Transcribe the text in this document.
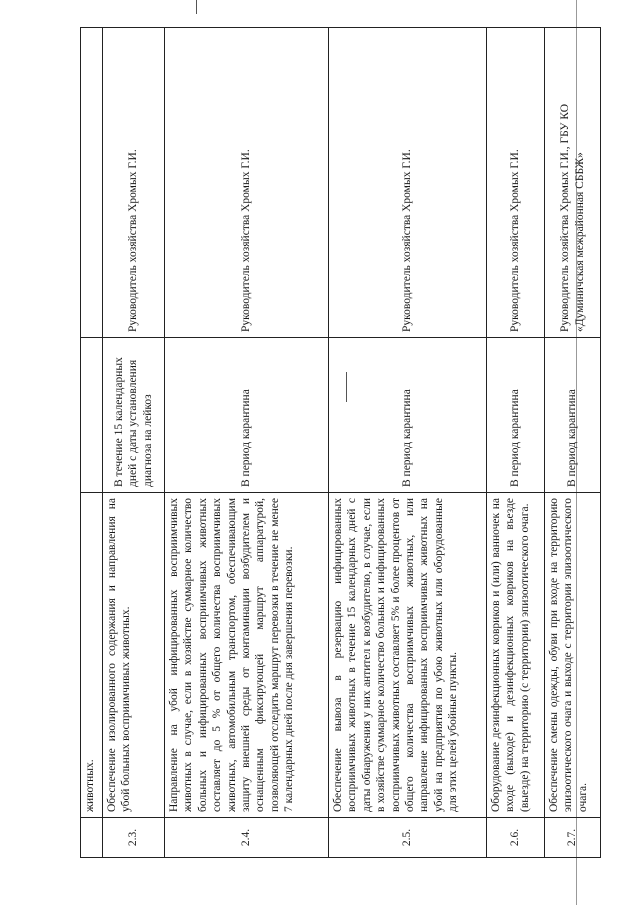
	животных.		
2.3.	Обеспечение изолированного содержания и направления на убой больных восприимчивых животных.	В течение 15 календарных дней с даты установления диагноза на лейкоз	Руководитель хозяйства Хромых Г.И.
2.4.	Направление на убой инфицированных восприимчивых животных в случае, если в хозяйстве суммарное количество больных и инфицированных восприимчивых животных составляет до 5 % от общего количества восприимчивых животных, автомобильным транспортом, обеспечивающим защиту внешней среды от контаминации возбудителем и оснащенным фиксирующей маршрут аппаратурой, позволяющей отследить маршрут перевозки в течение не менее 7 календарных дней после дня завершения перевозки.	В период карантина	Руководитель хозяйства Хромых Г.И.
2.5.	Обеспечение вывоза в резервацию инфицированных восприимчивых животных в течение 15 календарных дней с даты обнаружения у них антител к возбудителю, в случае, если в хозяйстве суммарное количество больных и инфицированных восприимчивых животных составляет 5% и более процентов от общего количества восприимчивых животных, или направление инфицированных восприимчивых животных на убой на предприятия по убою животных или оборудованные для этих целей убойные пункты.	В период карантина	Руководитель хозяйства Хромых Г.И.
2.6.	Оборудование дезинфекционных ковриков и (или) ванночек на входе (выходе) и дезинфекционных ковриков на въезде (выезде) на территорию (с территории) эпизоотического очага.	В период карантина	Руководитель хозяйства Хромых Г.И.
2.7.	Обеспечение смены одежды, обуви при входе на территорию эпизоотического очага и выходе с территории эпизоотического очага.	В период карантина	Руководитель хозяйства Хромых Г.И., ГБУ КО «Думиничская межрайонная СББЖ»
